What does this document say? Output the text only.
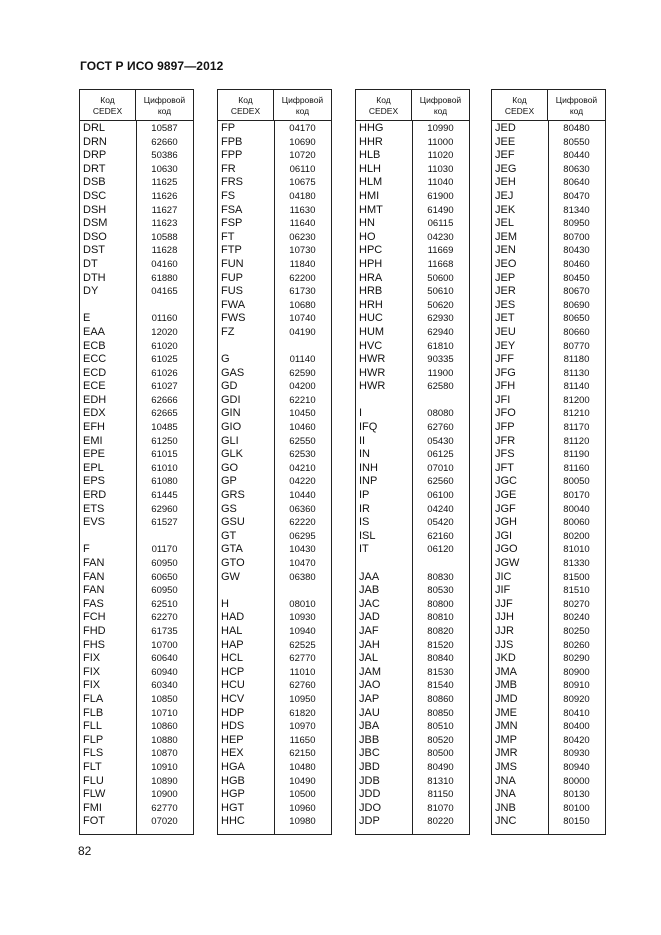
ГОСТ Р ИСО 9897—2012
Код
CEDEX
Цифровой
код
DRL	10587
DRN	62660
DRP	50386
DRT	10630
DSB	11625
DSC	11626
DSH	11627
DSM	11623
DSO	10588
DST	11628
DT	04160
DTH	61880
DY	04165
E	01160
EAA	12020
ECB	61020
ECC	61025
ECD	61026
ECE	61027
EDH	62666
EDX	62665
EFH	10485
EMI	61250
EPE	61015
EPL	61010
EPS	61080
ERD	61445
ETS	62960
EVS	61527
F	01170
FAN	60950
FAN	60650
FAN	60950
FAS	62510
FCH	62270
FHD	61735
FHS	10700
FIX	60640
FIX	60940
FIX	60340
FLA	10850
FLB	10710
FLL	10860
FLP	10880
FLS	10870
FLT	10910
FLU	10890
FLW	10900
FMI	62770
FOT	07020
Код
CEDEX
Цифровой
код
FP	04170
FPB	10690
FPP	10720
FR	06110
FRS	10675
FS	04180
FSA	11630
FSP	11640
FT	06230
FTP	10730
FUN	11840
FUP	62200
FUS	61730
FWA	10680
FWS	10740
FZ	04190
G	01140
GAS	62590
GD	04200
GDI	62210
GIN	10450
GIO	10460
GLI	62550
GLK	62530
GO	04210
GP	04220
GRS	10440
GS	06360
GSU	62220
GT	06295
GTA	10430
GTO	10470
GW	06380
H	08010
HAD	10930
HAL	10940
HAP	62525
HCL	62770
HCP	11010
HCU	62760
HCV	10950
HDP	61820
HDS	10970
HEP	11650
HEX	62150
HGA	10480
HGB	10490
HGP	10500
HGT	10960
HHC	10980
Код
CEDEX
Цифровой
код
HHG	10990
HHR	11000
HLB	11020
HLH	11030
HLM	11040
HMI	61900
HMT	61490
HN	06115
HO	04230
HPC	11669
HPH	11668
HRA	50600
HRB	50610
HRH	50620
HUC	62930
HUM	62940
HVC	61810
HWR	90335
HWR	11900
HWR	62580
I	08080
IFQ	62760
II	05430
IN	06125
INH	07010
INP	62560
IP	06100
IR	04240
IS	05420
ISL	62160
IT	06120
JAA	80830
JAB	80530
JAC	80800
JAD	80810
JAF	80820
JAH	81520
JAL	80840
JAM	81530
JAO	81540
JAP	80860
JAU	80850
JBA	80510
JBB	80520
JBC	80500
JBD	80490
JDB	81310
JDD	81150
JDO	81070
JDP	80220
Код
CEDEX
Цифровой
код
JED	80480
JEE	80550
JEF	80440
JEG	80630
JEH	80640
JEJ	80470
JEK	81340
JEL	80950
JEM	80700
JEN	80430
JEO	80460
JEP	80450
JER	80670
JES	80690
JET	80650
JEU	80660
JEY	80770
JFF	81180
JFG	81130
JFH	81140
JFI	81200
JFO	81210
JFP	81170
JFR	81120
JFS	81190
JFT	81160
JGC	80050
JGE	80170
JGF	80040
JGH	80060
JGI	80200
JGO	81010
JGW	81330
JIC	81500
JIF	81510
JJF	80270
JJH	80240
JJR	80250
JJS	80260
JKD	80290
JMA	80900
JMB	80910
JMD	80920
JME	80410
JMN	80400
JMP	80420
JMR	80930
JMS	80940
JNA	80000
JNA	80130
JNB	80100
JNC	80150
82
